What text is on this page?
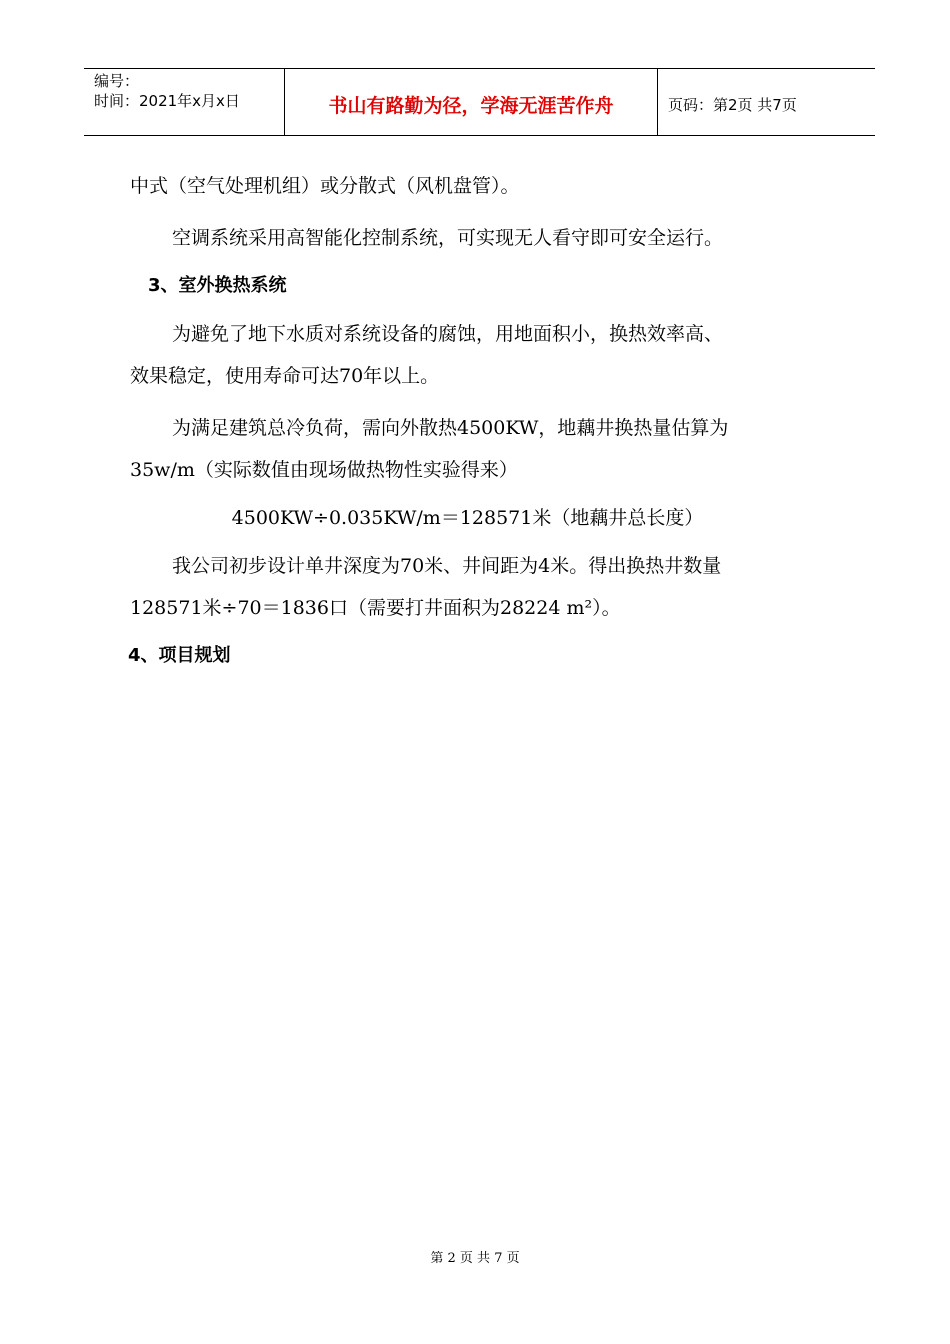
编号：
时间：2021年x月x日	书山有路勤为径，学海无涯苦作舟	页码：第2页 共7页

中式（空气处理机组）或分散式（风机盘管）。

空调系统采用高智能化控制系统，可实现无人看守即可安全运行。

3、室外换热系统

为避免了地下水质对系统设备的腐蚀，用地面积小，换热效率高、

效果稳定，使用寿命可达70年以上。

为满足建筑总冷负荷，需向外散热4500KW，地藕井换热量估算为

35w/m（实际数值由现场做热物性实验得来）

4500KW÷0.035KW/m＝128571米（地藕井总长度）

我公司初步设计单井深度为70米、井间距为4米。得出换热井数量

128571米÷70＝1836口（需要打井面积为28224 m²）。

4、项目规划
第 2 页 共 7 页
